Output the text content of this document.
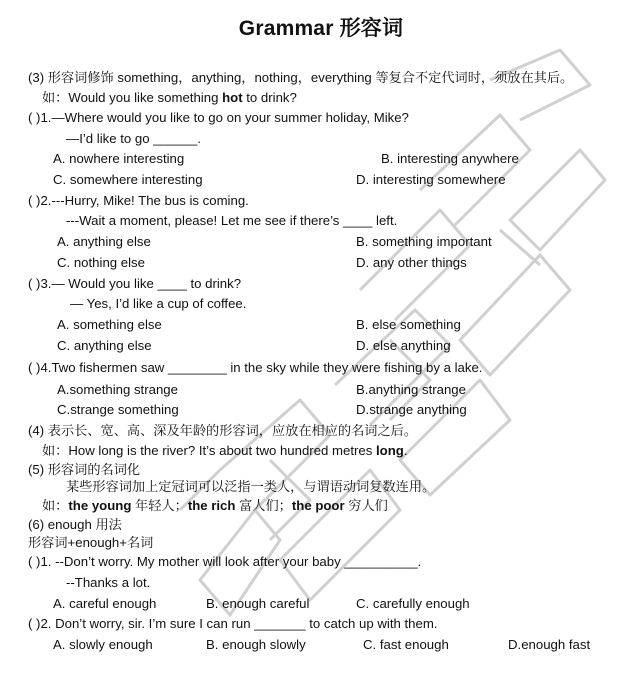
Grammar 形容词
(3) 形容词修饰 something，anything，nothing，everything 等复合不定代词时，须放在其后。
如：Would you like something hot to drink?
( )1.—Where would you like to go on your summer holiday, Mike?
—I’d like to go ______.
A. nowhere interesting	B. interesting anywhere
C. somewhere interesting	D. interesting somewhere
( )2.---Hurry, Mike! The bus is coming.
---Wait a moment, please! Let me see if there’s ____ left.
A. anything else	B. something important
C. nothing else	D. any other things
( )3.— Would you like ____ to drink?
— Yes, I’d like a cup of coffee.
A. something else	B. else something
C. anything else	D. else anything
( )4.Two fishermen saw ________ in the sky while they were fishing by a lake.
A.something strange	B.anything strange
C.strange something	D.strange anything
(4) 表示长、宽、高、深及年龄的形容词，应放在相应的名词之后。
如：How long is the river? It’s about two hundred metres long.
(5) 形容词的名词化
某些形容词加上定冠词可以泛指一类人，与谓语动词复数连用。
如：the young 年轻人；the rich 富人们；the poor 穷人们
(6) enough 用法
形容词+enough+名词
( )1. --Don’t worry. My mother will look after your baby __________.
--Thanks a lot.
A. careful enough	B. enough careful	C. carefully enough
( )2. Don’t worry, sir. I’m sure I can run _______ to catch up with them.
A. slowly enough	B. enough slowly	C. fast enough	D.enough fast
